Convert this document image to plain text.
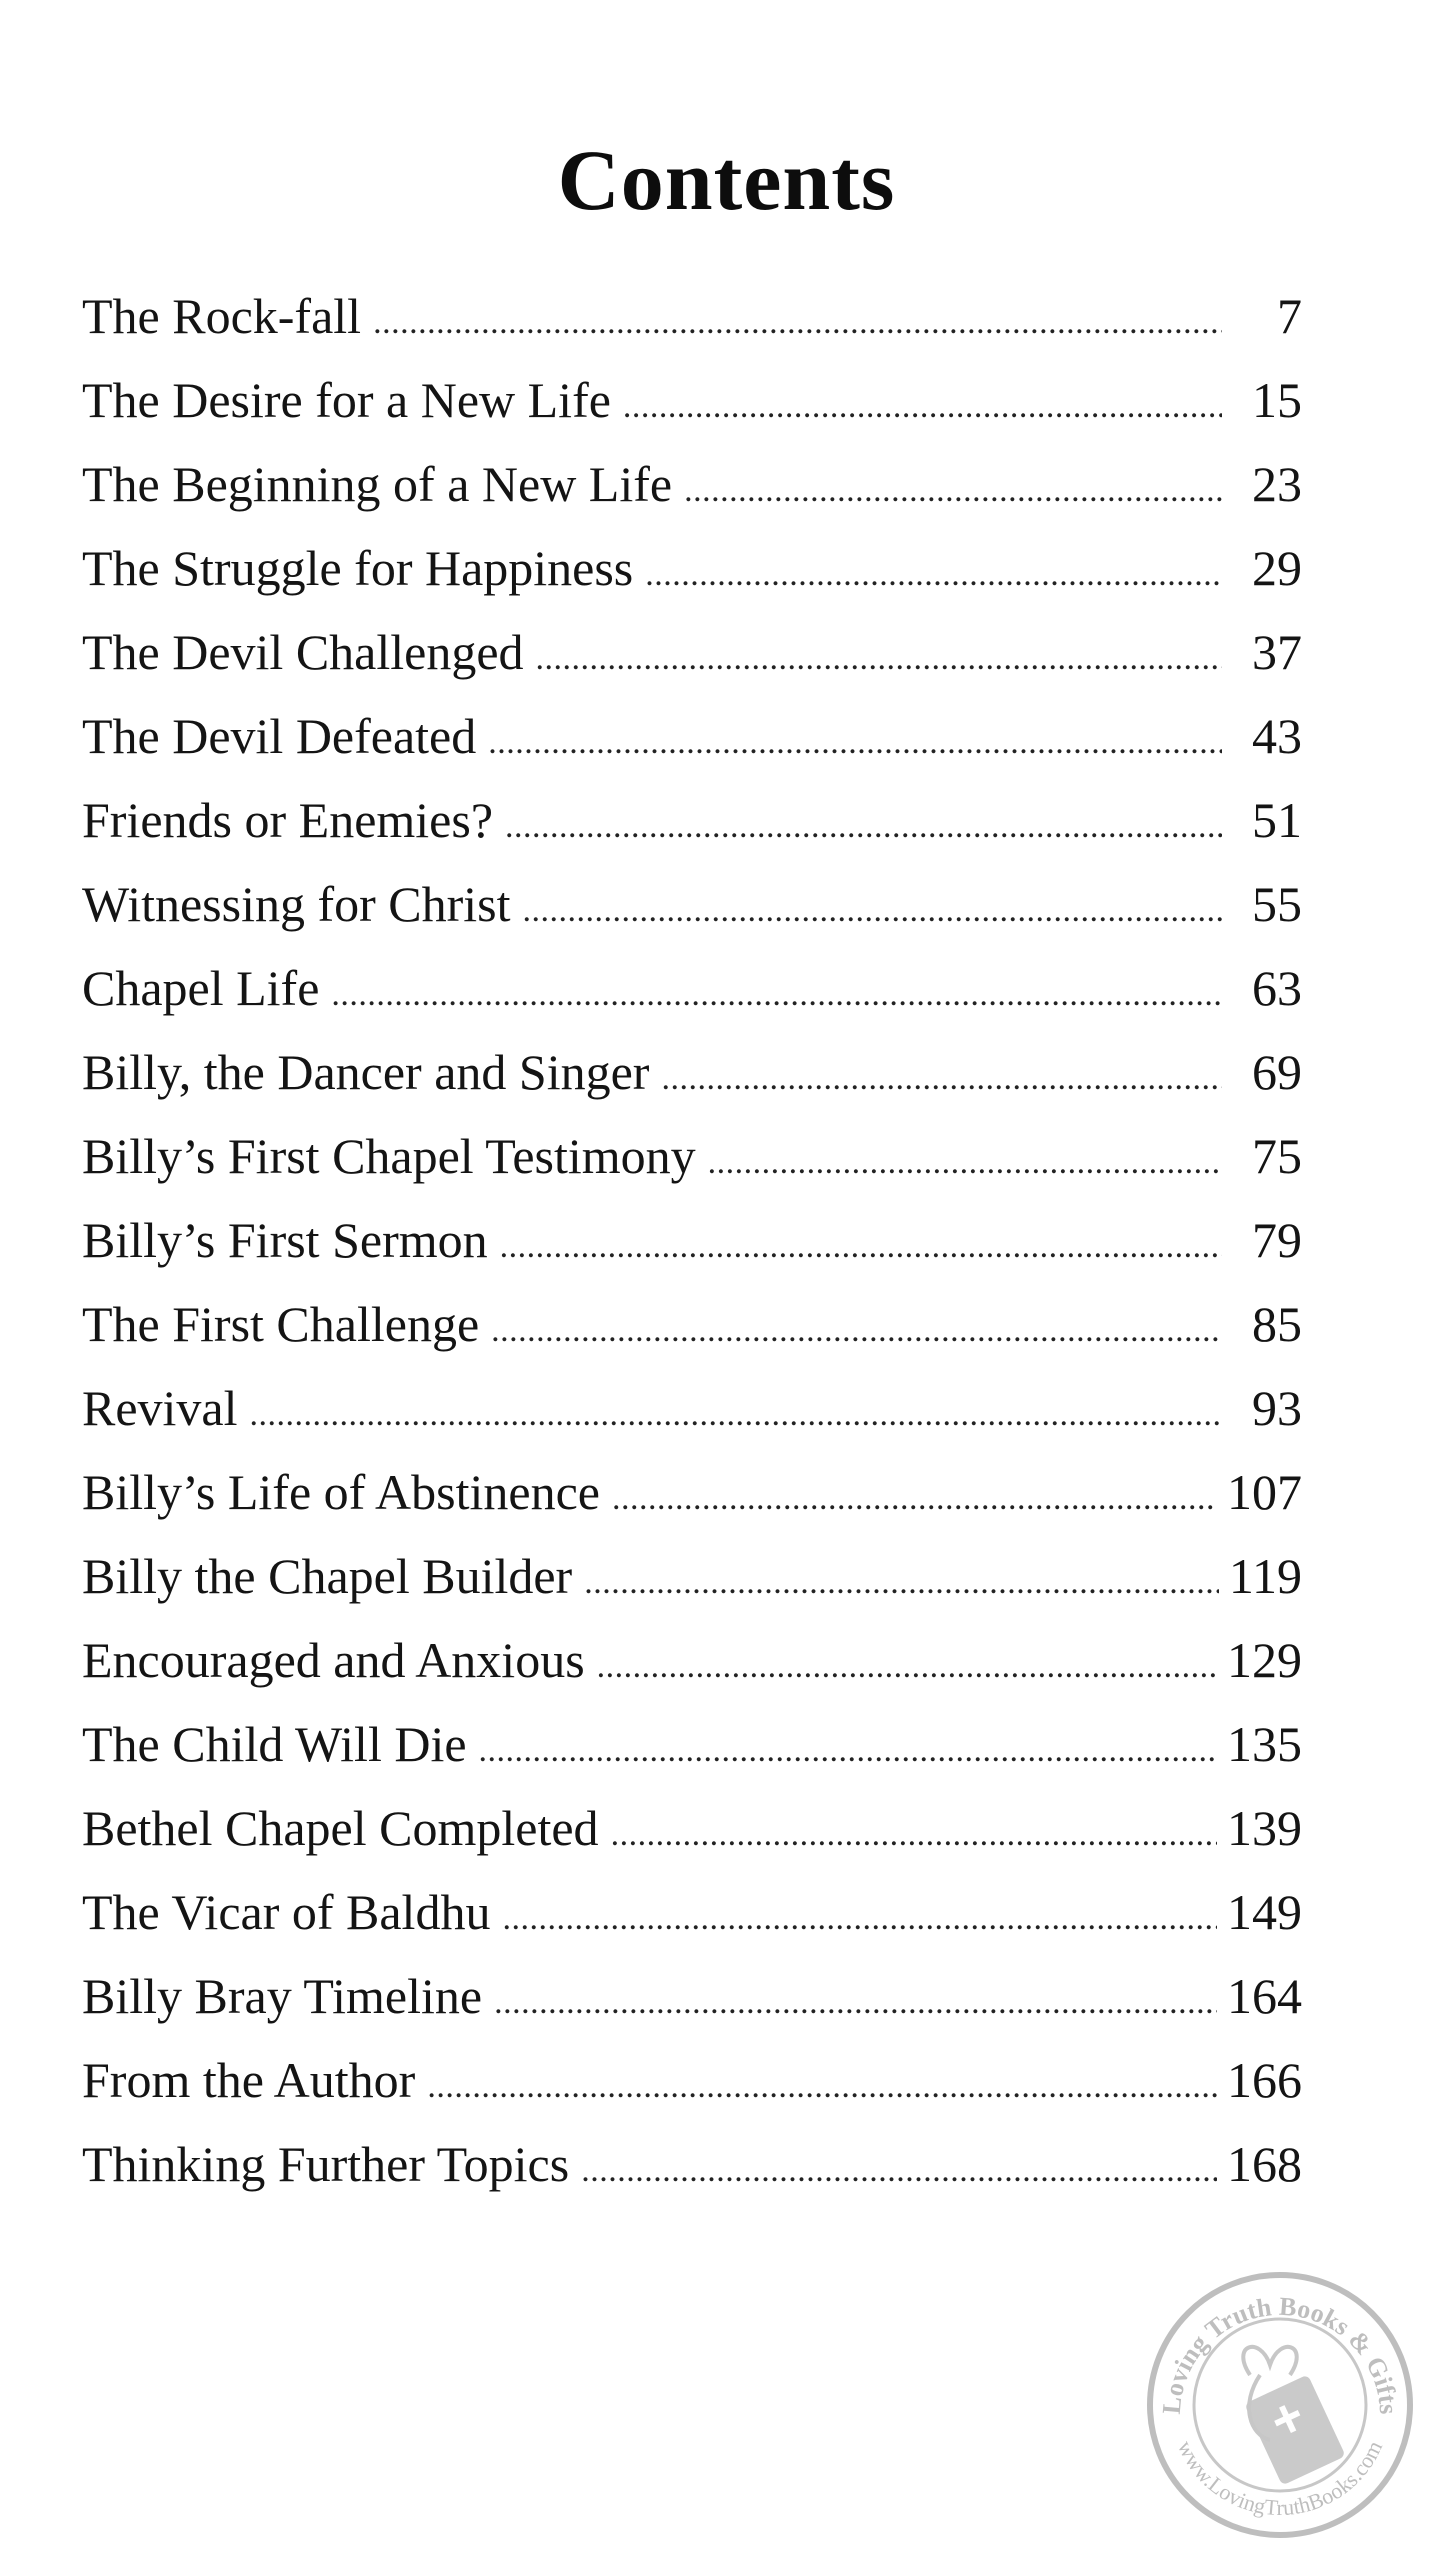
Contents
The Rock-fall . . .	7
The Desire for a New Life . . .	15
The Beginning of a New Life . . .	23
The Struggle for Happiness . . .	29
The Devil Challenged . . .	37
The Devil Defeated . . .	43
Friends or Enemies? . . .	51
Witnessing for Christ . . .	55
Chapel Life . . .	63
Billy, the Dancer and Singer . . .	69
Billy’s First Chapel Testimony . . .	75
Billy’s First Sermon . . .	79
The First Challenge . . .	85
Revival . . .	93
Billy’s Life of Abstinence . . .	107
Billy the Chapel Builder . . .	119
Encouraged and Anxious . . .	129
The Child Will Die . . .	135
Bethel Chapel Completed . . .	139
The Vicar of Baldhu . . .	149
Billy Bray Timeline . . .	164
From the Author . . .	166
Thinking Further Topics . . .	168
Loving Truth Books & Gifts
www.LovingTruthBooks.com
